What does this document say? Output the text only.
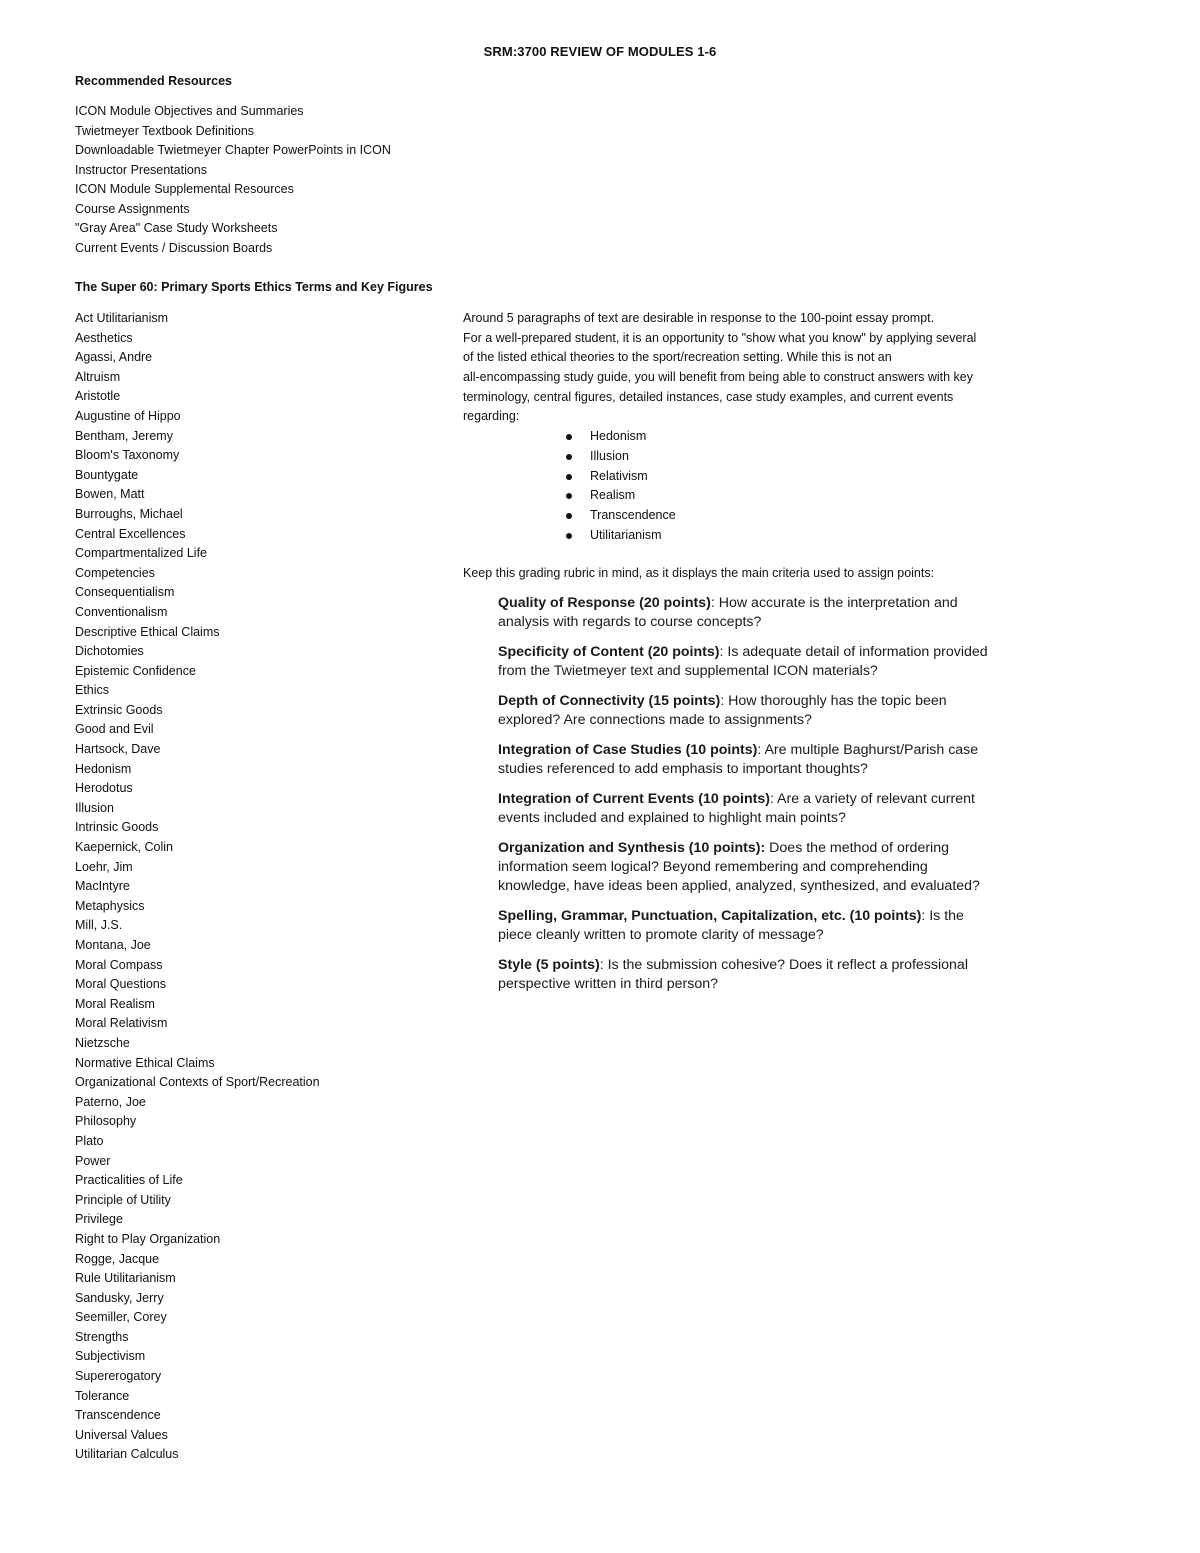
SRM:3700 REVIEW OF MODULES 1-6
Recommended Resources
ICON Module Objectives and Summaries
Twietmeyer Textbook Definitions
Downloadable Twietmeyer Chapter PowerPoints in ICON
Instructor Presentations
ICON Module Supplemental Resources
Course Assignments
"Gray Area" Case Study Worksheets
Current Events / Discussion Boards
The Super 60: Primary Sports Ethics Terms and Key Figures
Act Utilitarianism
Aesthetics
Agassi, Andre
Altruism
Aristotle
Augustine of Hippo
Bentham, Jeremy
Bloom's Taxonomy
Bountygate
Bowen, Matt
Burroughs, Michael
Central Excellences
Compartmentalized Life
Competencies
Consequentialism
Conventionalism
Descriptive Ethical Claims
Dichotomies
Epistemic Confidence
Ethics
Extrinsic Goods
Good and Evil
Hartsock, Dave
Hedonism
Herodotus
Illusion
Intrinsic Goods
Kaepernick, Colin
Loehr, Jim
MacIntyre
Metaphysics
Mill, J.S.
Montana, Joe
Moral Compass
Moral Questions
Moral Realism
Moral Relativism
Nietzsche
Normative Ethical Claims
Organizational Contexts of Sport/Recreation
Paterno, Joe
Philosophy
Plato
Power
Practicalities of Life
Principle of Utility
Privilege
Right to Play Organization
Rogge, Jacque
Rule Utilitarianism
Sandusky, Jerry
Seemiller, Corey
Strengths
Subjectivism
Supererogatory
Tolerance
Transcendence
Universal Values
Utilitarian Calculus
Around 5 paragraphs of text are desirable in response to the 100-point essay prompt.
For a well-prepared student, it is an opportunity to "show what you know" by applying several
of the listed ethical theories to the sport/recreation setting. While this is not an
all-encompassing study guide, you will benefit from being able to construct answers with key
terminology, central figures, detailed instances, case study examples, and current events
regarding:
Hedonism
Illusion
Relativism
Realism
Transcendence
Utilitarianism
Keep this grading rubric in mind, as it displays the main criteria used to assign points:

Quality of Response (20 points): How accurate is the interpretation and analysis with regards to course concepts?

Specificity of Content (20 points): Is adequate detail of information provided from the Twietmeyer text and supplemental ICON materials?

Depth of Connectivity (15 points): How thoroughly has the topic been explored? Are connections made to assignments?

Integration of Case Studies (10 points): Are multiple Baghurst/Parish case studies referenced to add emphasis to important thoughts?

Integration of Current Events (10 points): Are a variety of relevant current events included and explained to highlight main points?

Organization and Synthesis (10 points): Does the method of ordering information seem logical? Beyond remembering and comprehending knowledge, have ideas been applied, analyzed, synthesized, and evaluated?

Spelling, Grammar, Punctuation, Capitalization, etc. (10 points): Is the piece cleanly written to promote clarity of message?

Style (5 points): Is the submission cohesive? Does it reflect a professional perspective written in third person?
